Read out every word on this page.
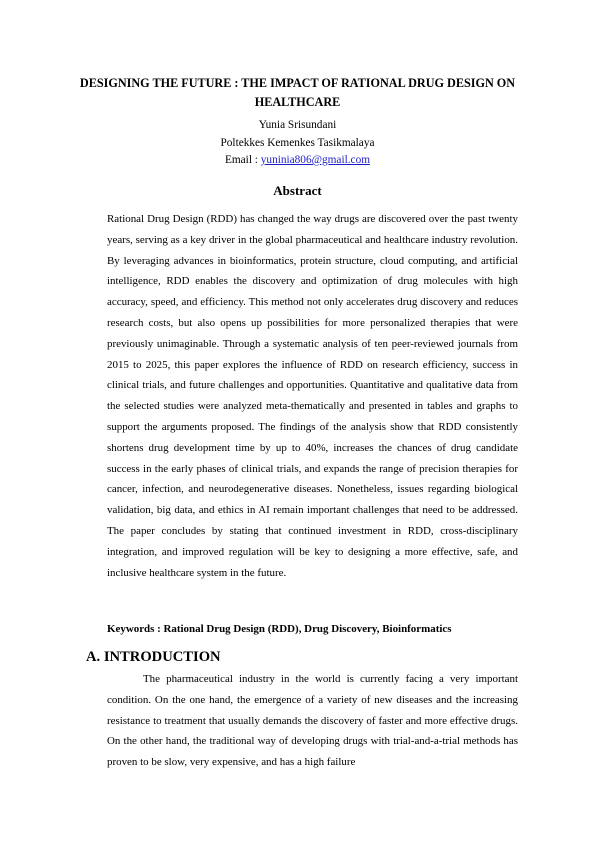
DESIGNING THE FUTURE : THE IMPACT OF RATIONAL DRUG DESIGN ON HEALTHCARE
Yunia Srisundani
Poltekkes Kemenkes Tasikmalaya
Email : yuninia806@gmail.com
Abstract

Rational Drug Design (RDD) has changed the way drugs are discovered over the past twenty years, serving as a key driver in the global pharmaceutical and healthcare industry revolution. By leveraging advances in bioinformatics, protein structure, cloud computing, and artificial intelligence, RDD enables the discovery and optimization of drug molecules with high accuracy, speed, and efficiency. This method not only accelerates drug discovery and reduces research costs, but also opens up possibilities for more personalized therapies that were previously unimaginable. Through a systematic analysis of ten peer-reviewed journals from 2015 to 2025, this paper explores the influence of RDD on research efficiency, success in clinical trials, and future challenges and opportunities. Quantitative and qualitative data from the selected studies were analyzed meta-thematically and presented in tables and graphs to support the arguments proposed. The findings of the analysis show that RDD consistently shortens drug development time by up to 40%, increases the chances of drug candidate success in the early phases of clinical trials, and expands the range of precision therapies for cancer, infection, and neurodegenerative diseases. Nonetheless, issues regarding biological validation, big data, and ethics in AI remain important challenges that need to be addressed. The paper concludes by stating that continued investment in RDD, cross-disciplinary integration, and improved regulation will be key to designing a more effective, safe, and inclusive healthcare system in the future.

Keywords : Rational Drug Design (RDD), Drug Discovery, Bioinformatics

A. INTRODUCTION

The pharmaceutical industry in the world is currently facing a very important condition. On the one hand, the emergence of a variety of new diseases and the increasing resistance to treatment that usually demands the discovery of faster and more effective drugs. On the other hand, the traditional way of developing drugs with trial-and-a-trial methods has proven to be slow, very expensive, and has a high failure
